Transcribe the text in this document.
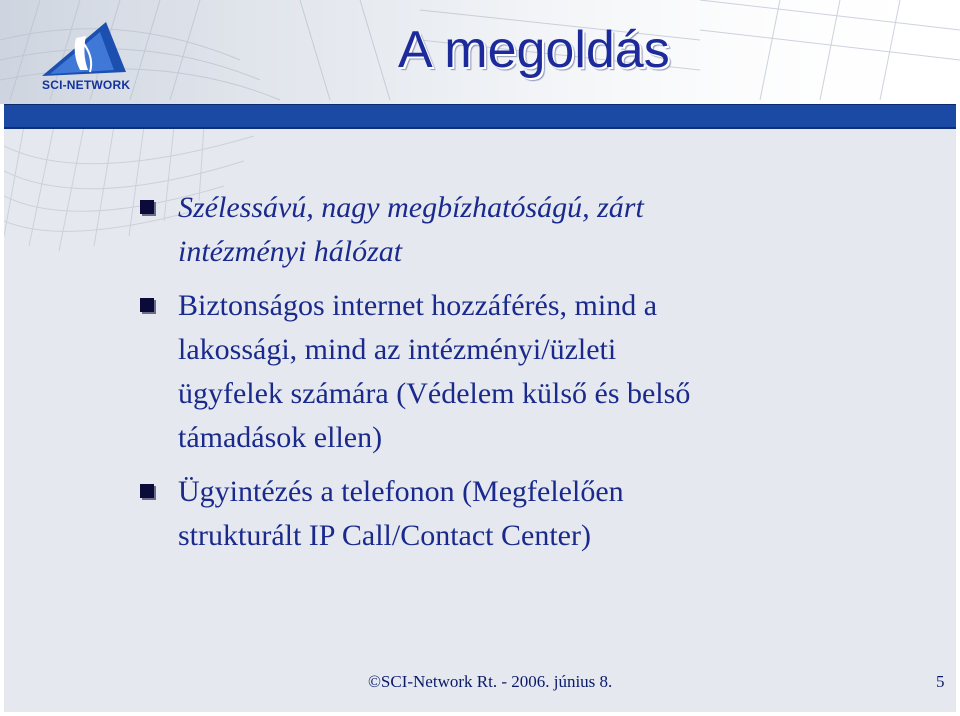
SCI-NETWORK
A megoldás
Szélessávú, nagy megbízhatóságú, zárt
intézményi hálózat
Biztonságos internet hozzáférés, mind a
lakossági, mind az intézményi/üzleti
ügyfelek számára (Védelem külső és belső
támadások ellen)
Ügyintézés a telefonon (Megfelelően
strukturált IP Call/Contact Center)
©SCI-Network Rt. - 2006. június 8.	5
